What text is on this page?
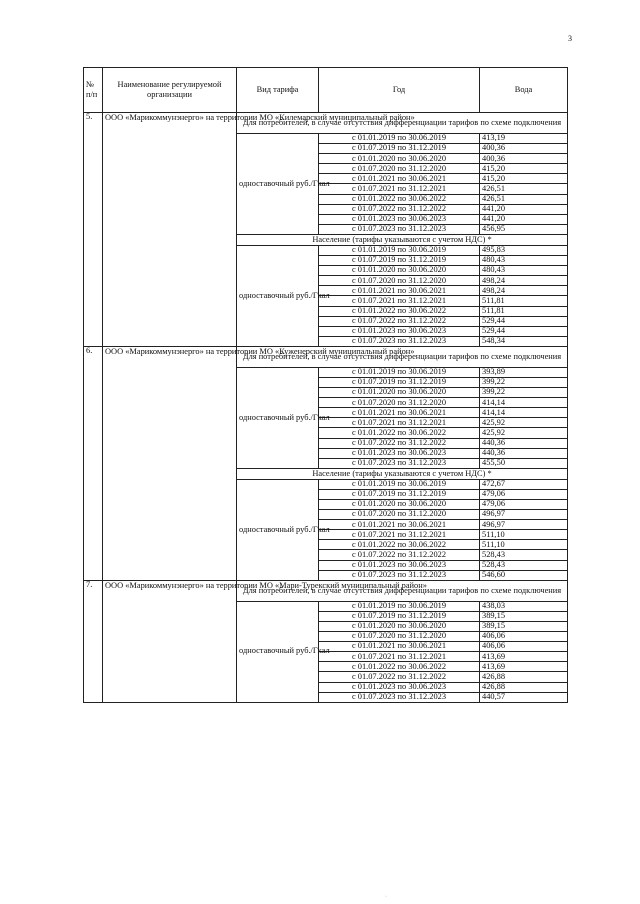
3
№ п/п	Наименование регулируемой организации	Вид тарифа	Год	Вода
5.	ООО «Марикоммунэнерго» на территории МО «Килемарский муниципальный район»	Для потребителей, в случае отсутствия дифференциации тарифов по схеме подключения		
		одноставочный руб./Гкал	с 01.01.2019 по 30.06.2019	413,19
			с 01.07.2019 по 31.12.2019	400,36
			с 01.01.2020 по 30.06.2020	400,36
			с 01.07.2020 по 31.12.2020	415,20
			с 01.01.2021 по 30.06.2021	415,20
			с 01.07.2021 по 31.12.2021	426,51
			с 01.01.2022 по 30.06.2022	426,51
			с 01.07.2022 по 31.12.2022	441,20
			с 01.01.2023 по 30.06.2023	441,20
			с 01.07.2023 по 31.12.2023	456,95
		Население (тарифы указываются с учетом НДС) *		
		одноставочный руб./Гкал	с 01.01.2019 по 30.06.2019	495,83
			с 01.07.2019 по 31.12.2019	480,43
			с 01.01.2020 по 30.06.2020	480,43
			с 01.07.2020 по 31.12.2020	498,24
			с 01.01.2021 по 30.06.2021	498,24
			с 01.07.2021 по 31.12.2021	511,81
			с 01.01.2022 по 30.06.2022	511,81
			с 01.07.2022 по 31.12.2022	529,44
			с 01.01.2023 по 30.06.2023	529,44
			с 01.07.2023 по 31.12.2023	548,34
6.	ООО «Марикоммунэнерго» на территории МО «Куженерский муниципальный район»	Для потребителей, в случае отсутствия дифференциации тарифов по схеме подключения		
		одноставочный руб./Гкал	с 01.01.2019 по 30.06.2019	393,89
			с 01.07.2019 по 31.12.2019	399,22
			с 01.01.2020 по 30.06.2020	399,22
			с 01.07.2020 по 31.12.2020	414,14
			с 01.01.2021 по 30.06.2021	414,14
			с 01.07.2021 по 31.12.2021	425,92
			с 01.01.2022 по 30.06.2022	425,92
			с 01.07.2022 по 31.12.2022	440,36
			с 01.01.2023 по 30.06.2023	440,36
			с 01.07.2023 по 31.12.2023	455,50
		Население (тарифы указываются с учетом НДС) *		
		одноставочный руб./Гкал	с 01.01.2019 по 30.06.2019	472,67
			с 01.07.2019 по 31.12.2019	479,06
			с 01.01.2020 по 30.06.2020	479,06
			с 01.07.2020 по 31.12.2020	496,97
			с 01.01.2021 по 30.06.2021	496,97
			с 01.07.2021 по 31.12.2021	511,10
			с 01.01.2022 по 30.06.2022	511,10
			с 01.07.2022 по 31.12.2022	528,43
			с 01.01.2023 по 30.06.2023	528,43
			с 01.07.2023 по 31.12.2023	546,60
7.	ООО «Марикоммунэнерго» на территории МО «Мари-Турекский муниципальный район»	Для потребителей, в случае отсутствия дифференциации тарифов по схеме подключения		
		одноставочный руб./Гкал	с 01.01.2019 по 30.06.2019	438,03
			с 01.07.2019 по 31.12.2019	389,15
			с 01.01.2020 по 30.06.2020	389,15
			с 01.07.2020 по 31.12.2020	406,06
			с 01.01.2021 по 30.06.2021	406,06
			с 01.07.2021 по 31.12.2021	413,69
			с 01.01.2022 по 30.06.2022	413,69
			с 01.07.2022 по 31.12.2022	426,88
			с 01.01.2023 по 30.06.2023	426,88
			с 01.07.2023 по 31.12.2023	440,57
·
